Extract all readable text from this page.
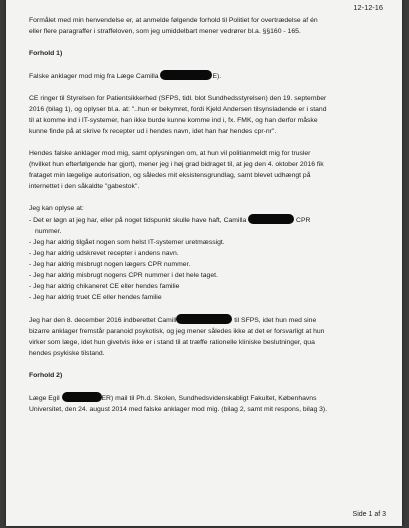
12-12-16

Formålet med min henvendelse er, at anmelde følgende forhold til Politiet for overtrædelse af én
eller flere paragraffer i straffeloven, som jeg umiddelbart mener vedrører bl.a. §§160 - 165.

Forhold 1)

Falske anklager mod mig fra Læge Camilla	E).

CE ringer til Styrelsen for Patientsikkerhed (SFPS, tidl. blot Sundhedsstyrelsen) den 19. september
2016 (bilag 1), og oplyser bl.a. at: "..hun er bekymret, fordi Kjeld Andersen tilsynsladende er i stand
til at komme ind i IT-systemer, han ikke burde kunne komme ind i, fx. FMK, og han derfor måske
kunne finde på at skrive fx recepter ud i hendes navn, idet han har hendes cpr-nr".

Hendes falske anklager mod mig, samt oplysningen om, at hun vil politianmeldt mig for trusler
(hvilket hun efterfølgende har gjort), mener jeg i høj grad bidraget til, at jeg den 4. oktober 2016 fik
frataget min lægelige autorisation, og således mit eksistensgrundlag, samt blevet udhængt på
internettet i den såkaldte "gabestok".

Jeg kan oplyse at:
- Det er løgn at jeg har, eller på noget tidspunkt skulle have haft, Camilla	CPR
nummer.
- Jeg har aldrig tilgået nogen som helst IT-systemer uretmæssigt.
- Jeg har aldrig udskrevet recepter i andens navn.
- Jeg har aldrig misbrugt nogen lægers CPR nummer.
- Jeg har aldrig misbrugt nogens CPR nummer i det hele taget.
- Jeg har aldrig chikaneret CE eller hendes familie
- Jeg har aldrig truet CE eller hendes familie

Jeg har den 8. december 2016 indberettet Camill	til SFPS, idet hun med sine
bizarre anklager fremstår paranoid psykotisk, og jeg mener således ikke at det er forsvarligt at hun
virker som læge, idet hun givetvis ikke er i stand til at træffe rationelle kliniske beslutninger, qua
hendes psykiske tilstand.

Forhold 2)

Læge Egil	ER) mail til Ph.d. Skolen, Sundhedsvidenskabligt Fakultet, Københavns
Universitet, den 24. august 2014 med falske anklager mod mig. (bilag 2, samt mit respons, bilag 3).

Side 1 af 3
